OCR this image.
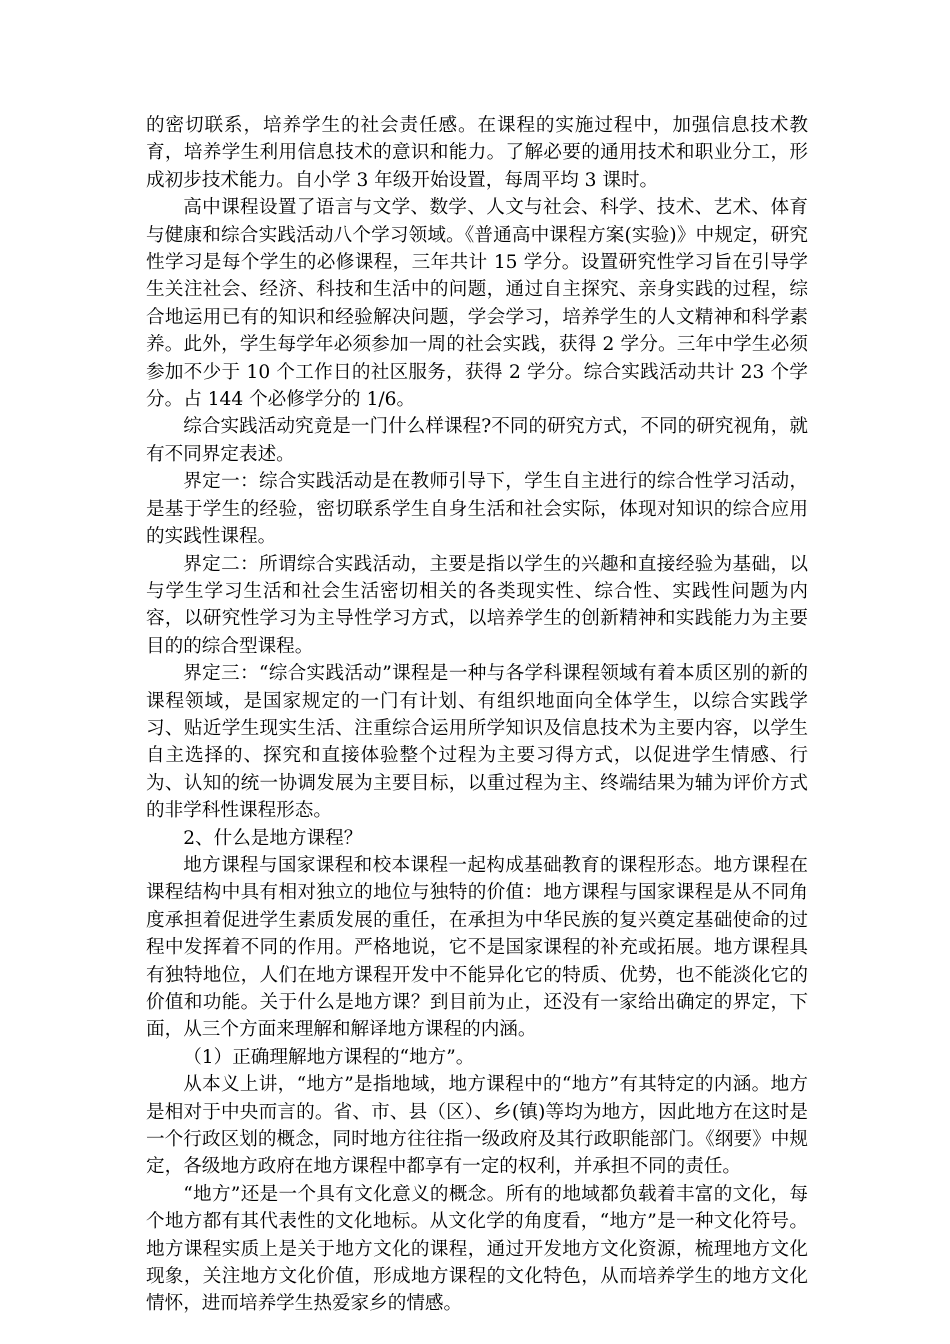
的密切联系，培养学生的社会责任感。在课程的实施过程中，加强信息技术教育，培养学生利用信息技术的意识和能力。了解必要的通用技术和职业分工，形成初步技术能力。自小学 3 年级开始设置，每周平均 3 课时。

高中课程设置了语言与文学、数学、人文与社会、科学、技术、艺术、体育与健康和综合实践活动八个学习领域。《普通高中课程方案(实验)》中规定，研究性学习是每个学生的必修课程，三年共计 15 学分。设置研究性学习旨在引导学生关注社会、经济、科技和生活中的问题，通过自主探究、亲身实践的过程，综合地运用已有的知识和经验解决问题，学会学习，培养学生的人文精神和科学素养。此外，学生每学年必须参加一周的社会实践，获得 2 学分。三年中学生必须参加不少于 10 个工作日的社区服务，获得 2 学分。综合实践活动共计 23 个学分。占 144 个必修学分的 1/6。

综合实践活动究竟是一门什么样课程?不同的研究方式，不同的研究视角，就有不同界定表述。

界定一：综合实践活动是在教师引导下，学生自主进行的综合性学习活动，是基于学生的经验，密切联系学生自身生活和社会实际，体现对知识的综合应用的实践性课程。

界定二：所谓综合实践活动，主要是指以学生的兴趣和直接经验为基础，以与学生学习生活和社会生活密切相关的各类现实性、综合性、实践性问题为内容，以研究性学习为主导性学习方式，以培养学生的创新精神和实践能力为主要目的的综合型课程。

界定三：“综合实践活动”课程是一种与各学科课程领域有着本质区别的新的课程领域，是国家规定的一门有计划、有组织地面向全体学生，以综合实践学习、贴近学生现实生活、注重综合运用所学知识及信息技术为主要内容，以学生自主选择的、探究和直接体验整个过程为主要习得方式，以促进学生情感、行为、认知的统一协调发展为主要目标，以重过程为主、终端结果为辅为评价方式的非学科性课程形态。

2、什么是地方课程？

地方课程与国家课程和校本课程一起构成基础教育的课程形态。地方课程在课程结构中具有相对独立的地位与独特的价值：地方课程与国家课程是从不同角度承担着促进学生素质发展的重任，在承担为中华民族的复兴奠定基础使命的过程中发挥着不同的作用。严格地说，它不是国家课程的补充或拓展。地方课程具有独特地位，人们在地方课程开发中不能异化它的特质、优势，也不能淡化它的价值和功能。关于什么是地方课？到目前为止，还没有一家给出确定的界定，下面，从三个方面来理解和解译地方课程的内涵。

（1）正确理解地方课程的“地方”。

从本义上讲，“地方”是指地域，地方课程中的“地方”有其特定的内涵。地方是相对于中央而言的。省、市、县（区）、乡(镇)等均为地方，因此地方在这时是一个行政区划的概念，同时地方往往指一级政府及其行政职能部门。《纲要》中规定，各级地方政府在地方课程中都享有一定的权利，并承担不同的责任。

“地方”还是一个具有文化意义的概念。所有的地域都负载着丰富的文化，每个地方都有其代表性的文化地标。从文化学的角度看，“地方”是一种文化符号。地方课程实质上是关于地方文化的课程，通过开发地方文化资源，梳理地方文化现象，关注地方文化价值，形成地方课程的文化特色，从而培养学生的地方文化情怀，进而培养学生热爱家乡的情感。
